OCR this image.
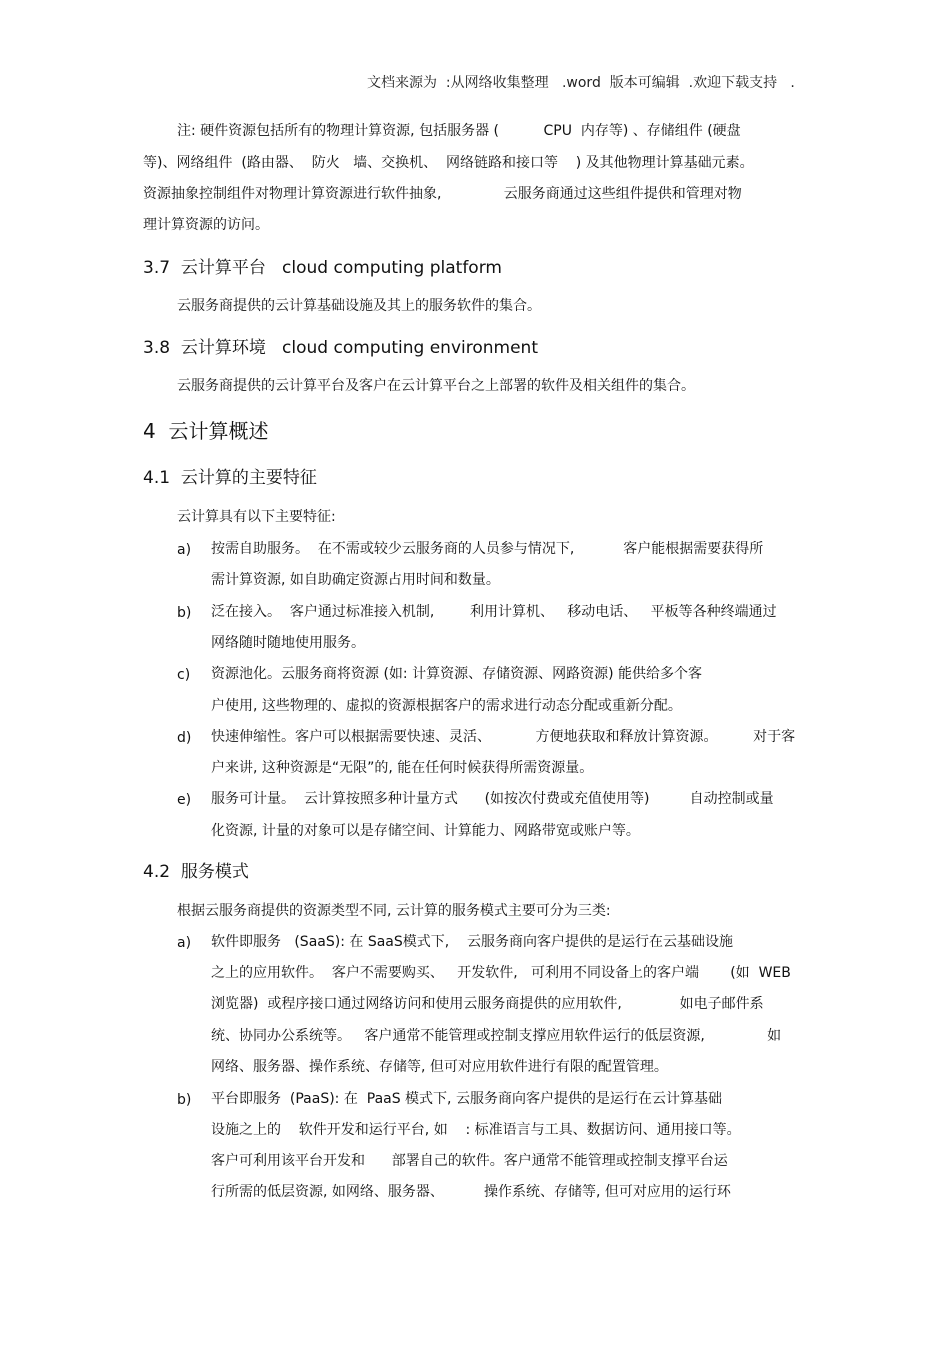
文档来源为  :从网络收集整理   .word  版本可编辑  .欢迎下载支持   .
注: 硬件资源包括所有的物理计算资源, 包括服务器 (          CPU  内存等) 、存储组件 (硬盘
等)、网络组件  (路由器、  防火   墙、交换机、  网络链路和接口等    ) 及其他物理计算基础元素。
资源抽象控制组件对物理计算资源进行软件抽象,              云服务商通过这些组件提供和管理对物
理计算资源的访问。
3.7  云计算平台   cloud computing platform
云服务商提供的云计算基础设施及其上的服务软件的集合。
3.8  云计算环境   cloud computing environment
云服务商提供的云计算平台及客户在云计算平台之上部署的软件及相关组件的集合。
4  云计算概述
4.1  云计算的主要特征
云计算具有以下主要特征:
a) 按需自助服务。  在不需或较少云服务商的人员参与情况下,           客户能根据需要获得所
需计算资源, 如自助确定资源占用时间和数量。
b) 泛在接入。  客户通过标准接入机制,        利用计算机、   移动电话、   平板等各种终端通过
网络随时随地使用服务。
c) 资源池化。云服务商将资源 (如: 计算资源、存储资源、网路资源) 能供给多个客
户使用, 这些物理的、虚拟的资源根据客户的需求进行动态分配或重新分配。
d) 快速伸缩性。客户可以根据需要快速、灵活、          方便地获取和释放计算资源。        对于客
户来讲, 这种资源是“无限”的, 能在任何时候获得所需资源量。
e) 服务可计量。  云计算按照多种计量方式      (如按次付费或充值使用等)         自动控制或量
化资源, 计量的对象可以是存储空间、计算能力、网路带宽或账户等。
4.2  服务模式
根据云服务商提供的资源类型不同, 云计算的服务模式主要可分为三类:
a) 软件即服务   (SaaS): 在 SaaS模式下,    云服务商向客户提供的是运行在云基础设施
之上的应用软件。  客户不需要购买、   开发软件,   可利用不同设备上的客户端       (如  WEB
浏览器)  或程序接口通过网络访问和使用云服务商提供的应用软件,             如电子邮件系
统、协同办公系统等。   客户通常不能管理或控制支撑应用软件运行的低层资源,              如
网络、服务器、操作系统、存储等, 但可对应用软件进行有限的配置管理。
b) 平台即服务  (PaaS): 在  PaaS 模式下, 云服务商向客户提供的是运行在云计算基础
设施之上的    软件开发和运行平台, 如    : 标准语言与工具、数据访问、通用接口等。
客户可利用该平台开发和      部署自己的软件。客户通常不能管理或控制支撑平台运
行所需的低层资源, 如网络、服务器、         操作系统、存储等, 但可对应用的运行环
